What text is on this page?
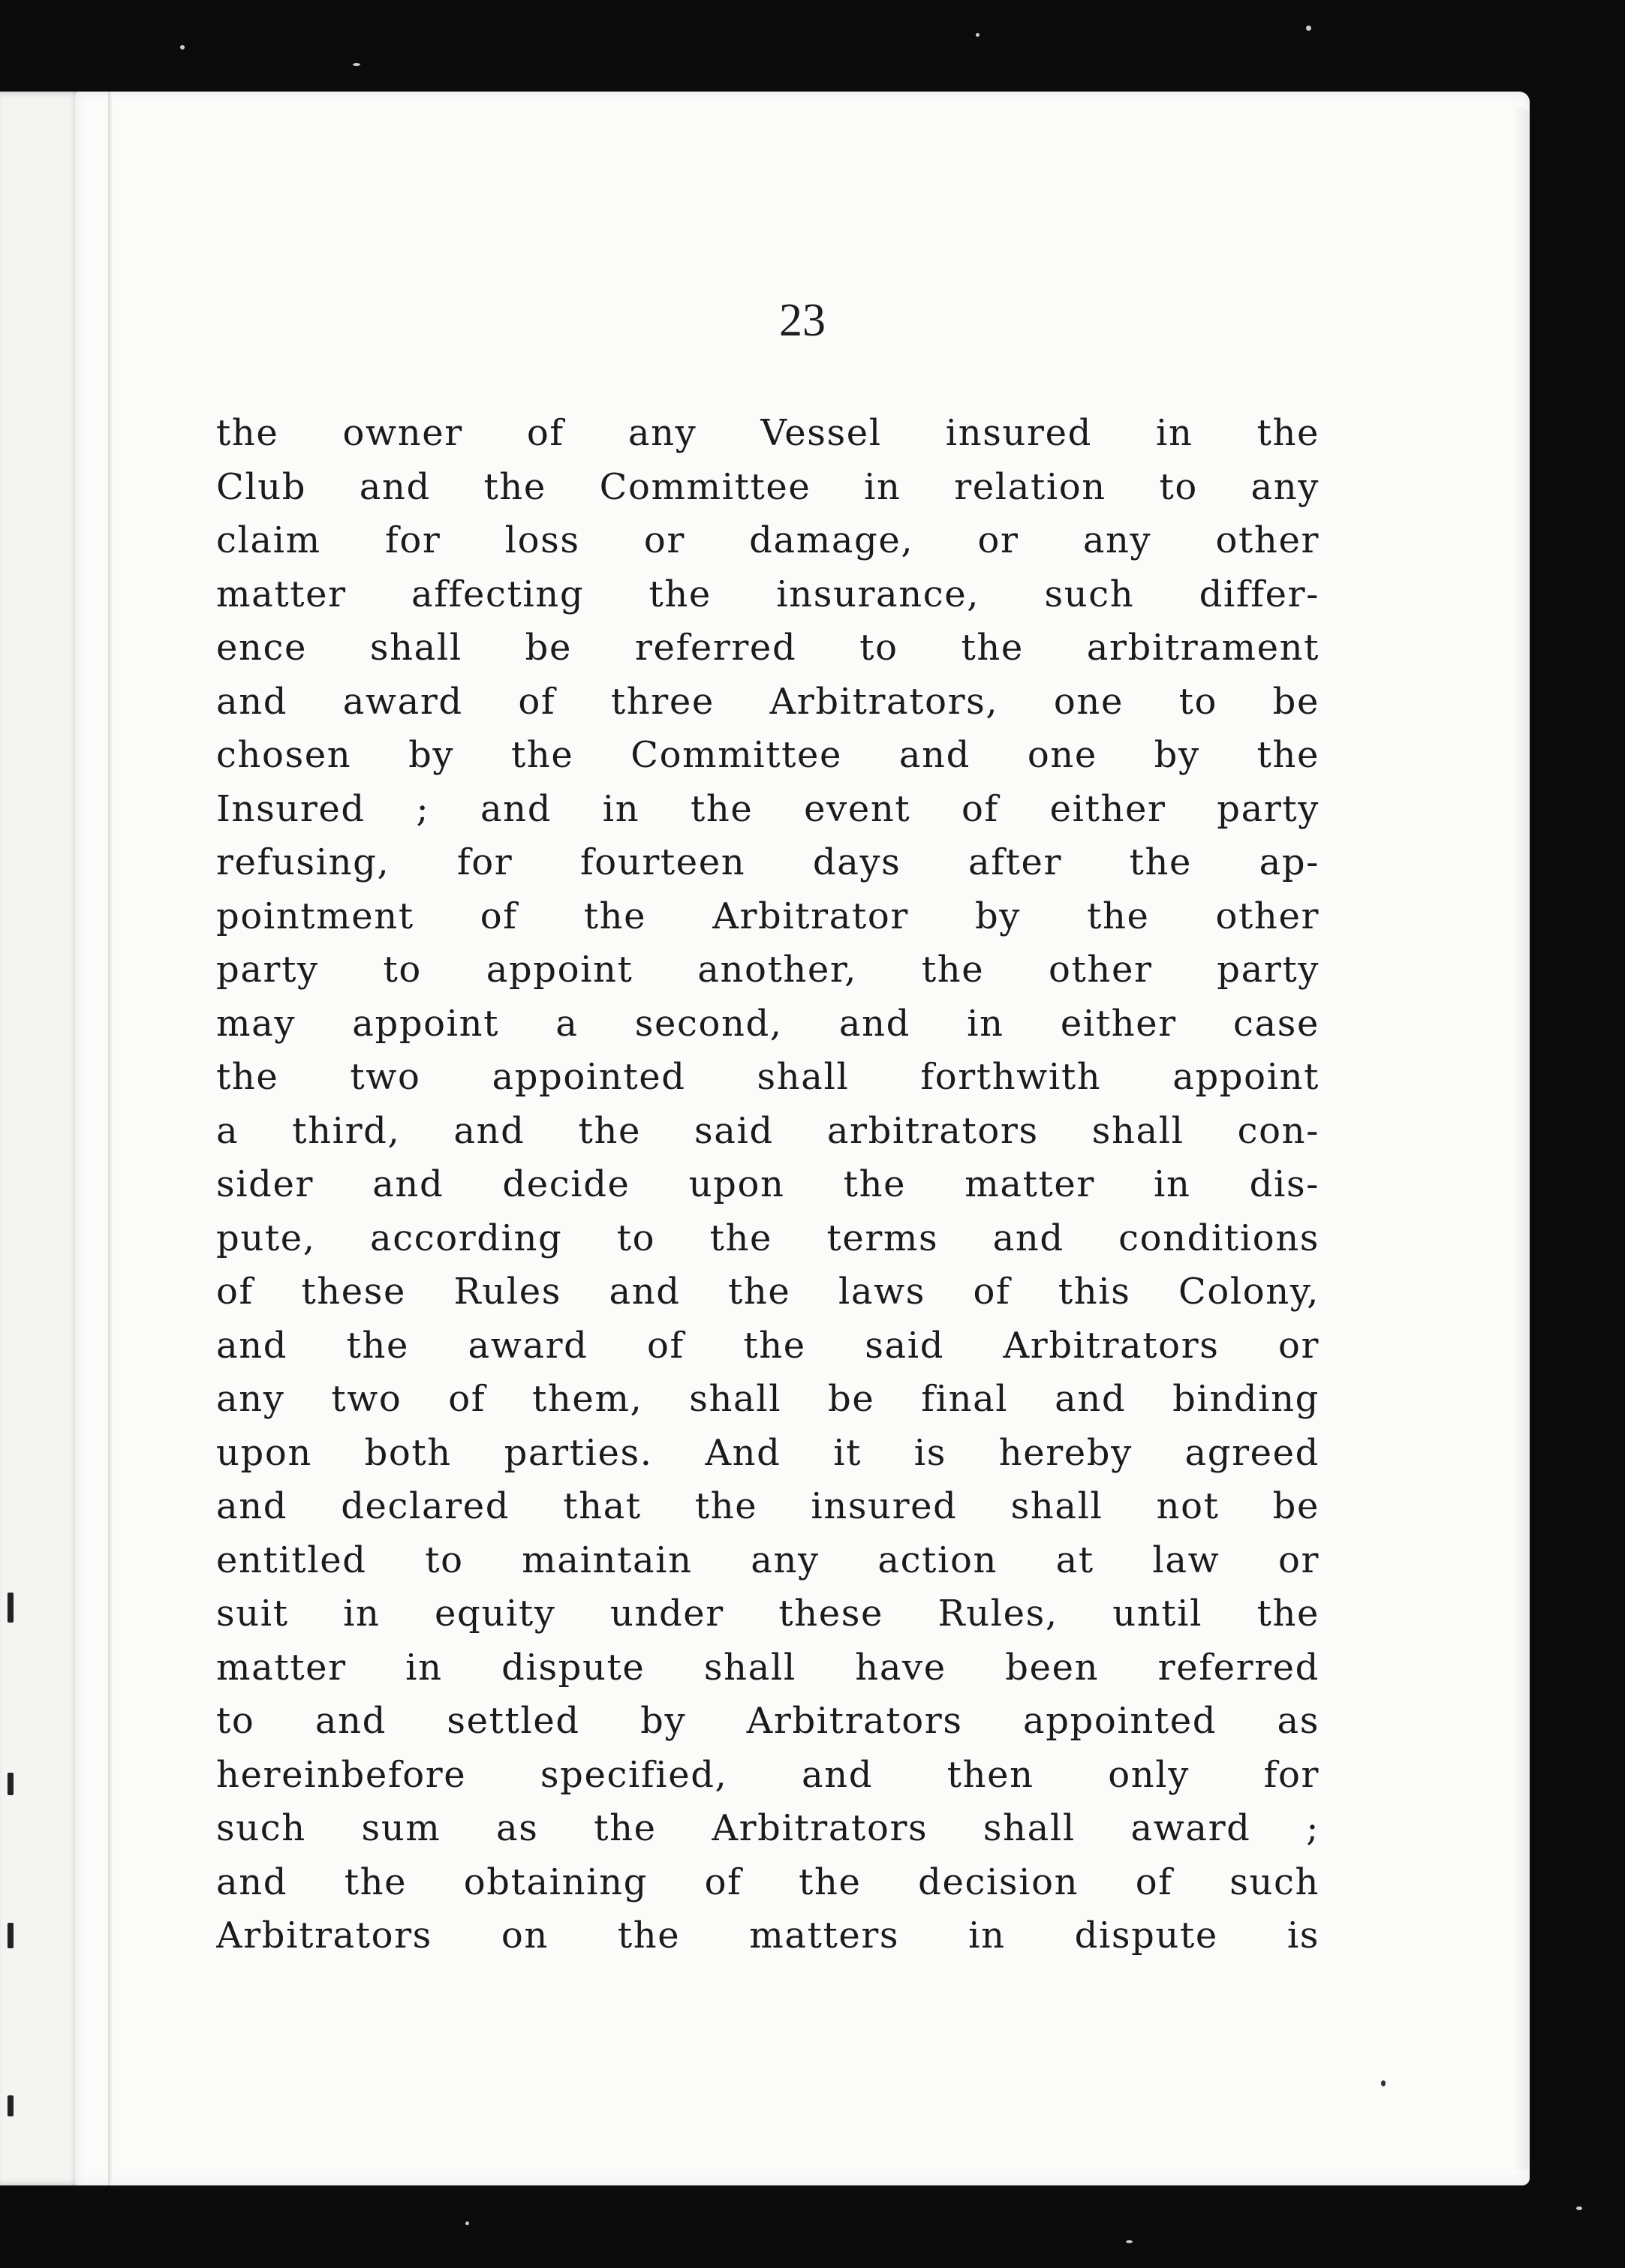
23
the owner of any Vessel insured in the
Club and the Committee in relation to any
claim for loss or damage, or any other
matter affecting the insurance, such differ-
ence shall be referred to the arbitrament
and award of three Arbitrators, one to be
chosen by the Committee and one by the
Insured ; and in the event of either party
refusing, for fourteen days after the ap-
pointment of the Arbitrator by the other
party to appoint another, the other party
may appoint a second, and in either case
the two appointed shall forthwith appoint
a third, and the said arbitrators shall con-
sider and decide upon the matter in dis-
pute, according to the terms and conditions
of these Rules and the laws of this Colony,
and the award of the said Arbitrators or
any two of them, shall be final and binding
upon both parties. And it is hereby agreed
and declared that the insured shall not be
entitled to maintain any action at law or
suit in equity under these Rules, until the
matter in dispute shall have been referred
to and settled by Arbitrators appointed as
hereinbefore specified, and then only for
such sum as the Arbitrators shall award ;
and the obtaining of the decision of such
Arbitrators on the matters in dispute is
